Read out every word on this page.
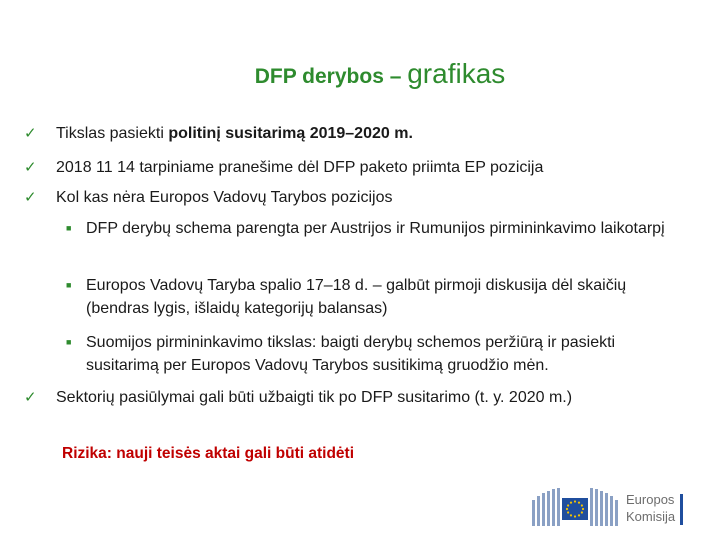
DFP derybos – grafikas
✓	Tikslas pasiekti politinį susitarimą 2019–2020 m.
✓	2018 11 14 tarpiniame pranešime dėl DFP paketo priimta EP pozicija
✓	Kol kas nėra Europos Vadovų Tarybos pozicijos
■ DFP derybų schema parengta per Austrijos ir Rumunijos pirmininkavimo laikotarpį
■ Europos Vadovų Taryba spalio 17–18 d. – galbūt pirmoji diskusija dėl skaičių (bendras lygis, išlaidų kategorijų balansas)
■ Suomijos pirmininkavimo tikslas: baigti derybų schemos peržiūrą ir pasiekti susitarimą per Europos Vadovų Tarybos susitikimą gruodžio mėn.
✓	Sektorių pasiūlymai gali būti užbaigti tik po DFP susitarimo (t. y. 2020 m.)
Rizika: nauji teisės aktai gali būti atidėti
Europos
Komisija
